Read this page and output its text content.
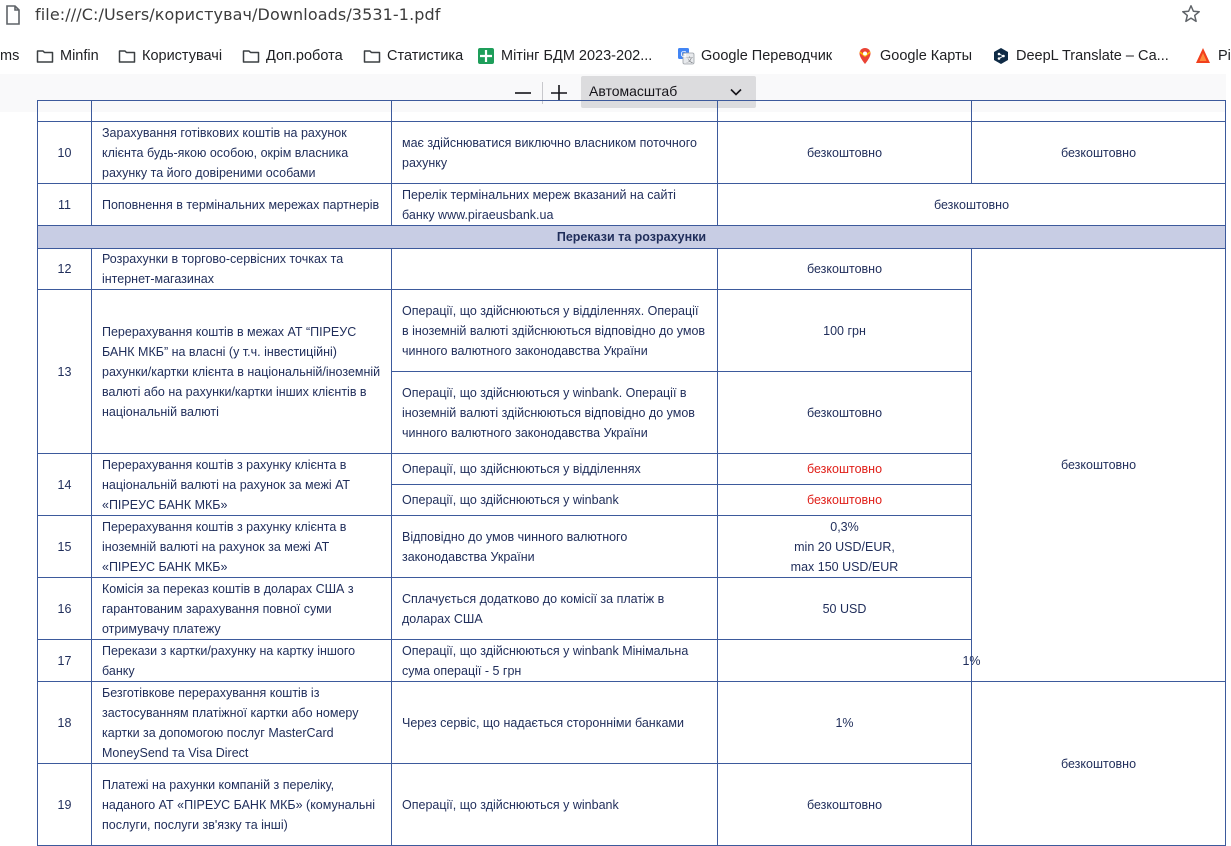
file:///C:/Users/користувач/Downloads/3531-1.pdf
ms	Minfin	Користувачі	Доп.робота	Статистика	Мітінг БДМ 2023-202...	G
文 Google Переводчик	Google Карты	DeepL Translate – Са...	Pi
Автомасштаб

10	Зарахування готівкових коштів на рахунок клієнта будь-якою особою, окрім власника рахунку та його довіреними особами	має здійснюватися виключно власником поточного рахунку	безкоштовно	безкоштовно
11	Поповнення в термінальних мережах партнерів	Перелік термінальних мереж вказаний на сайті банку www.piraeusbank.ua	безкоштовно	
Перекази та розрахунки				
12	Розрахунки в торгово-сервісних точках та інтернет-магазинах		безкоштовно	безкоштовно
13	Перерахування коштів в межах АТ “ПІРЕУС БАНК МКБ” на власні (у т.ч. інвестиційні) рахунки/картки клієнта в національній/іноземній валюті або на рахунки/картки інших клієнтів в національній валюті	Операції, що здійснюються у відділеннях. Операції в іноземній валюті здійснюються відповідно до умов чинного валютного законодавства України	100 грн	
		Операції, що здійснюються у winbank. Операції в іноземній валюті здійснюються відповідно до умов чинного валютного законодавства України	безкоштовно	
14	Перерахування коштів з рахунку клієнта в національній валюті на рахунок за межі АТ «ПІРЕУС БАНК МКБ»	Операції, що здійснюються у відділеннях	безкоштовно	
		Операції, що здійснюються у winbank	безкоштовно	
15	Перерахування коштів з рахунку клієнта в іноземній валюті на рахунок за межі АТ «ПІРЕУС БАНК МКБ»	Відповідно до умов чинного валютного законодавства України	0,3%
min 20 USD/EUR,
max 150 USD/EUR	

16	Комісія за переказ коштів в доларах США з гарантованим зарахування повної суми отримувачу платежу	Сплачується додатково до комісії за платіж в доларах США	50 USD	
17	Перекази з картки/рахунку на картку іншого банку	Операції, що здійснюються у winbank Мінімальна сума операції - 5 грн	1%	
18	Безготівкове перерахування коштів із застосуванням платіжної картки або номеру картки за допомогою послуг MasterCard MoneySend та Visa Direct	Через сервіс, що надається сторонніми банками	1%	безкоштовно
19	Платежі на рахунки компаній з переліку, наданого АТ «ПІРЕУС БАНК МКБ» (комунальні послуги, послуги зв'язку та інші)	Операції, що здійснюються у winbank	безкоштовно	
